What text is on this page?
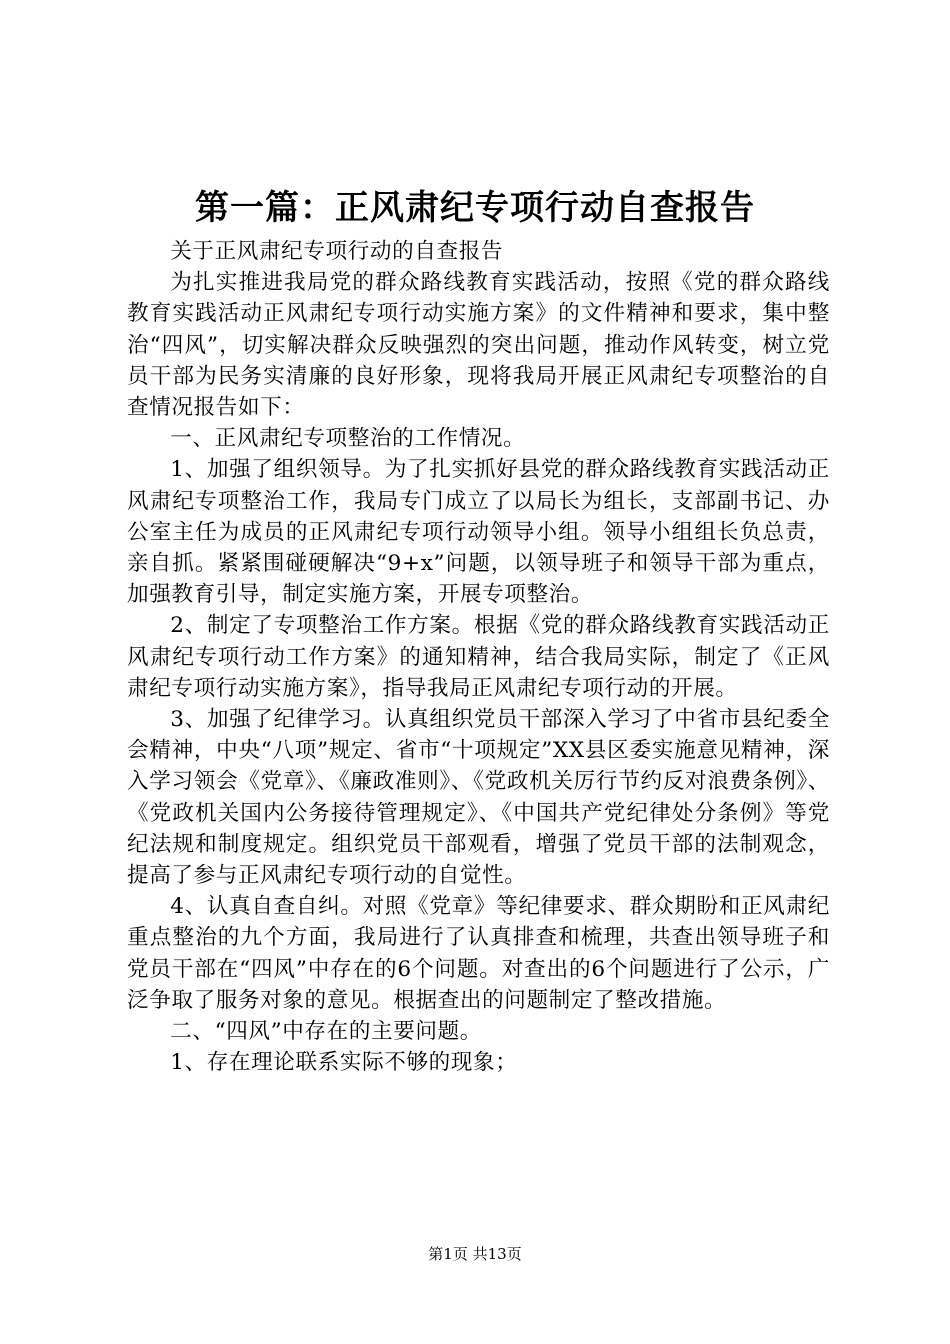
第一篇：正风肃纪专项行动自查报告

关于正风肃纪专项行动的自查报告

为扎实推进我局党的群众路线教育实践活动，按照《党的群众路线教育实践活动正风肃纪专项行动实施方案》的文件精神和要求，集中整治“四风”，切实解决群众反映强烈的突出问题，推动作风转变，树立党员干部为民务实清廉的良好形象，现将我局开展正风肃纪专项整治的自查情况报告如下：

一、正风肃纪专项整治的工作情况。

1、加强了组织领导。为了扎实抓好县党的群众路线教育实践活动正风肃纪专项整治工作，我局专门成立了以局长为组长，支部副书记、办公室主任为成员的正风肃纪专项行动领导小组。领导小组组长负总责，亲自抓。紧紧围碰硬解决“9+x”问题，以领导班子和领导干部为重点，加强教育引导，制定实施方案，开展专项整治。

2、制定了专项整治工作方案。根据《党的群众路线教育实践活动正风肃纪专项行动工作方案》的通知精神，结合我局实际，制定了《正风肃纪专项行动实施方案》，指导我局正风肃纪专项行动的开展。

3、加强了纪律学习。认真组织党员干部深入学习了中省市县纪委全会精神，中央“八项”规定、省市“十项规定”XX县区委实施意见精神，深入学习领会《党章》、《廉政准则》、《党政机关厉行节约反对浪费条例》、《党政机关国内公务接待管理规定》、《中国共产党纪律处分条例》等党纪法规和制度规定。组织党员干部观看，增强了党员干部的法制观念，提高了参与正风肃纪专项行动的自觉性。

4、认真自查自纠。对照《党章》等纪律要求、群众期盼和正风肃纪重点整治的九个方面，我局进行了认真排查和梳理，共查出领导班子和党员干部在“四风”中存在的6个问题。对查出的6个问题进行了公示，广泛争取了服务对象的意见。根据查出的问题制定了整改措施。

二、“四风”中存在的主要问题。

1、存在理论联系实际不够的现象；

第1页 共13页
